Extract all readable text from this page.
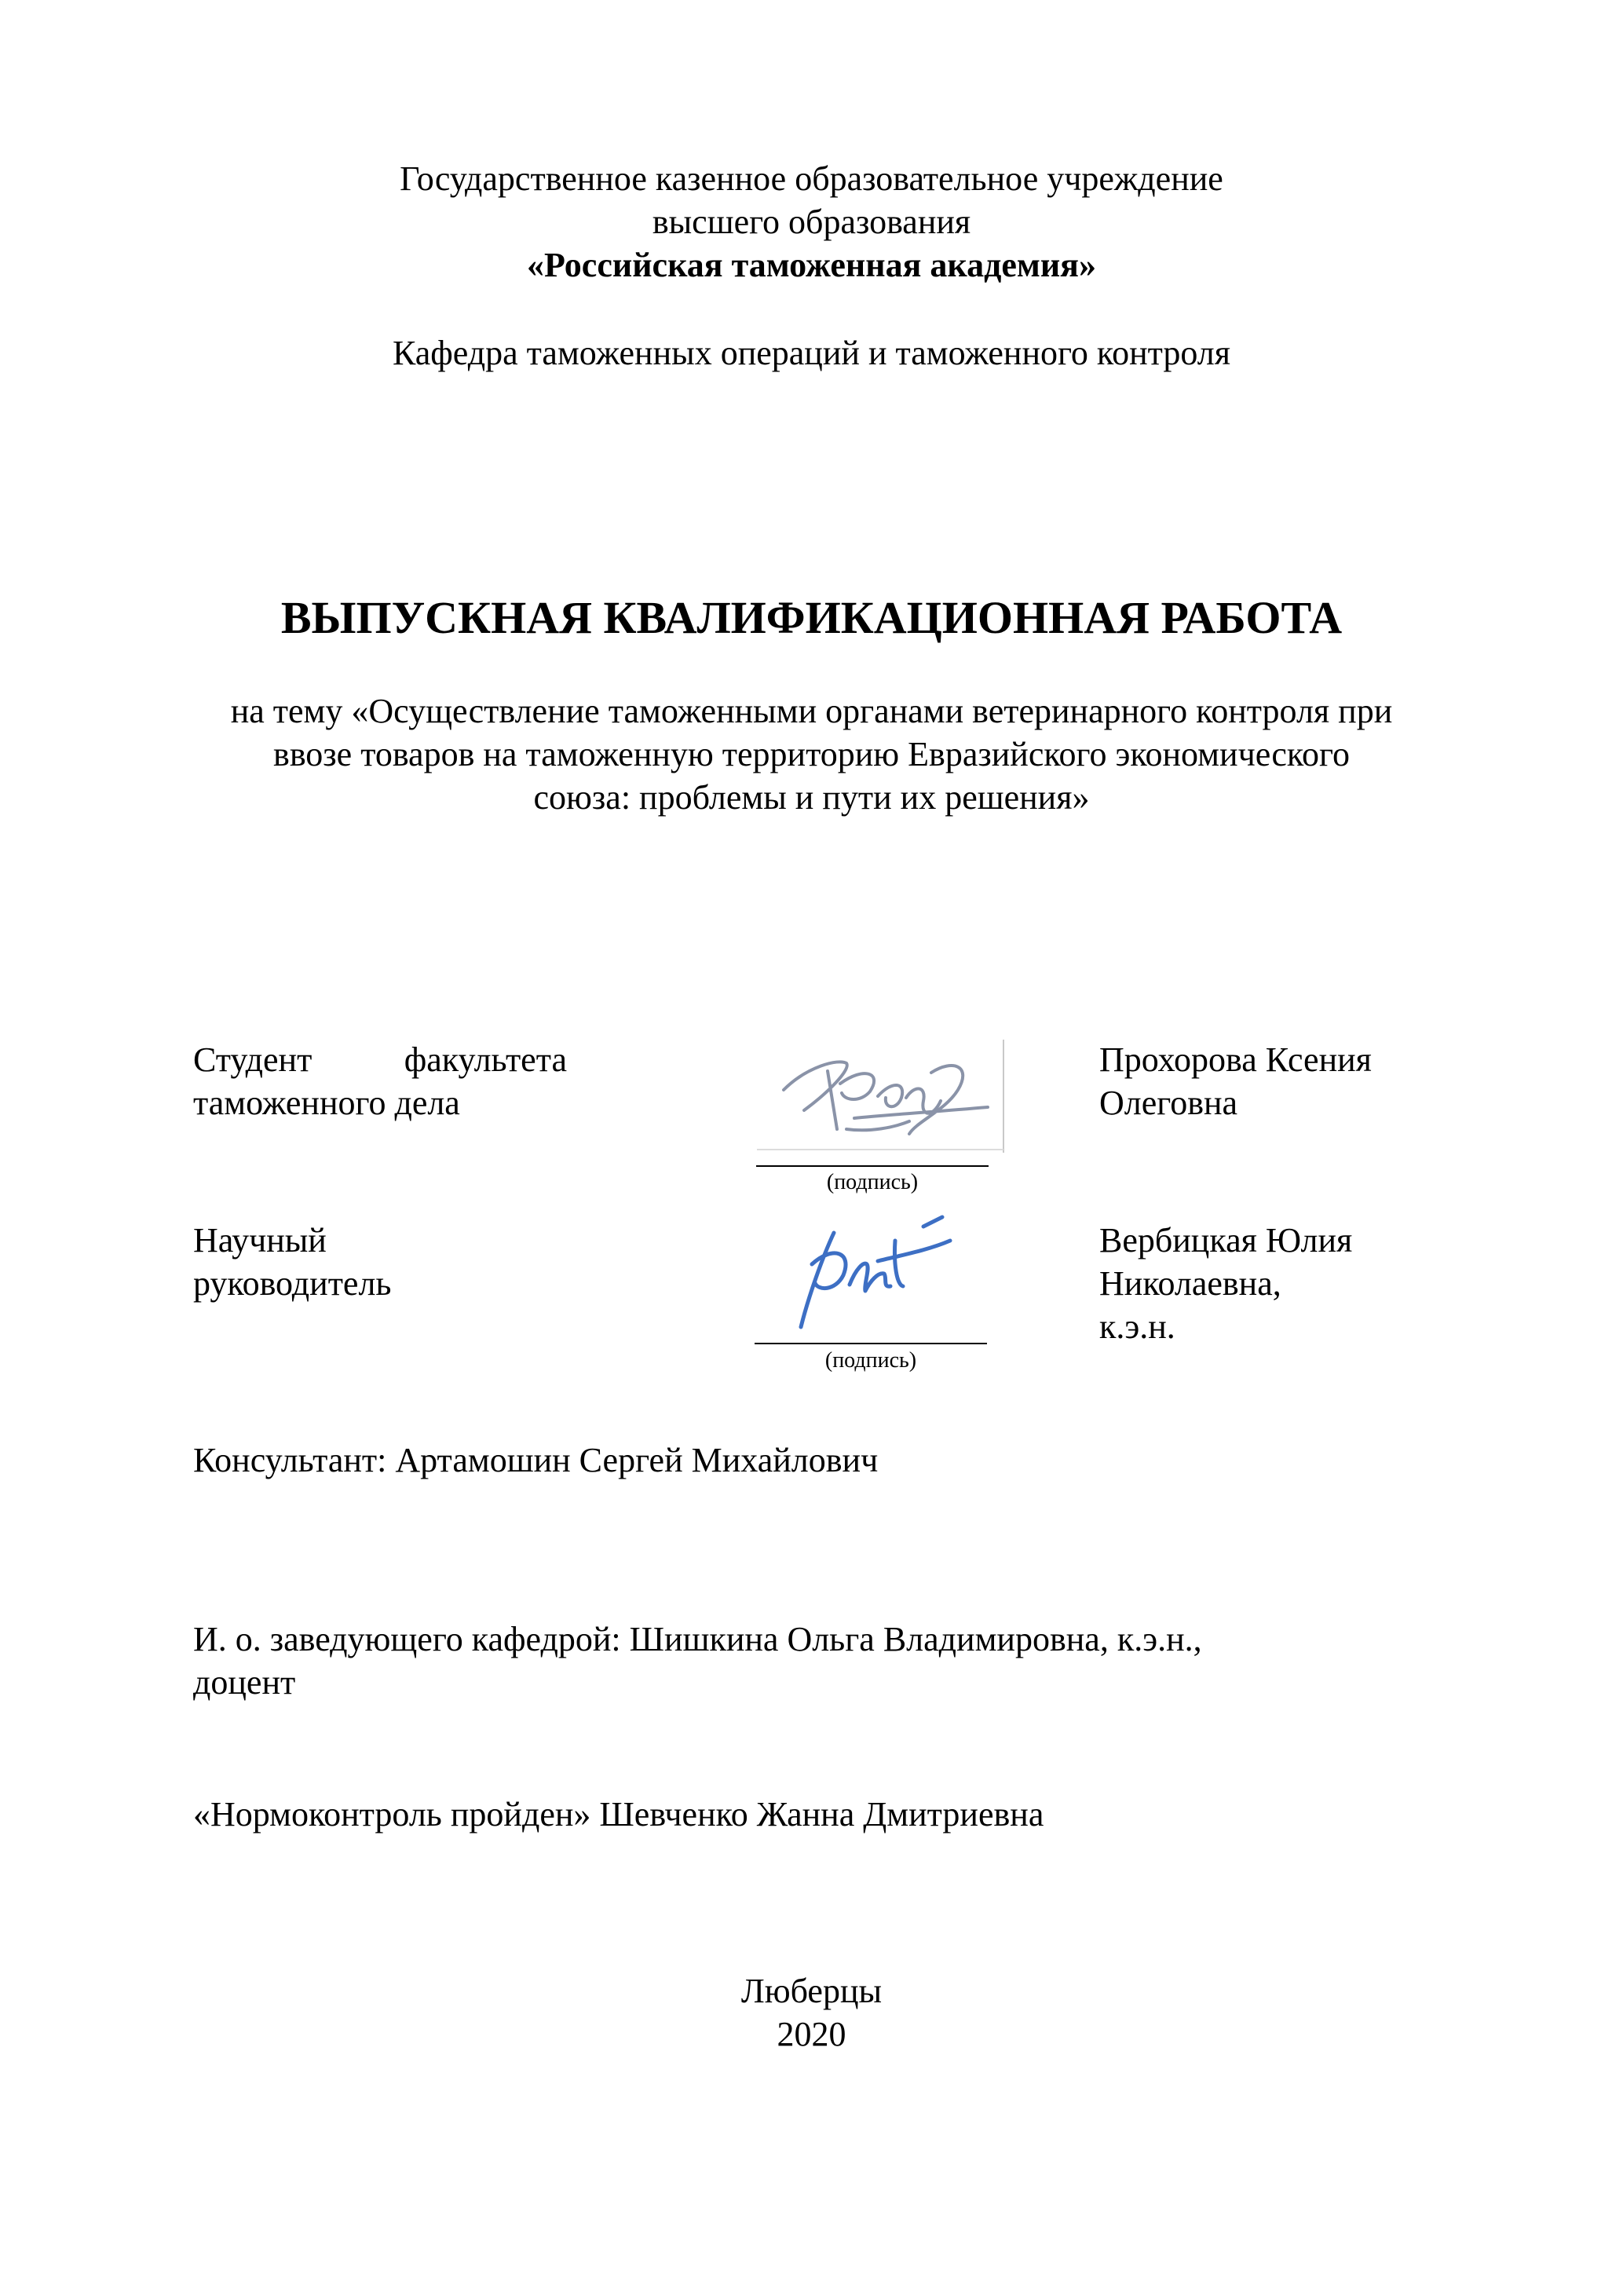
Государственное казенное образовательное учреждение
высшего образования
«Российская таможенная академия»
Кафедра таможенных операций и таможенного контроля
ВЫПУСКНАЯ КВАЛИФИКАЦИОННАЯ РАБОТА
на тему «Осуществление таможенными органами ветеринарного контроля при
ввозе товаров на таможенную территорию Евразийского экономического
союза: проблемы и пути их решения»
Студент	факультета
таможенного дела
(подпись)
Прохорова Ксения
Олеговна
Научный
руководитель
(подпись)
Вербицкая Юлия
Николаевна,
к.э.н.
Консультант: Артамошин Сергей Михайлович
И. о. заведующего кафедрой: Шишкина Ольга Владимировна, к.э.н.,
доцент
«Нормоконтроль пройден» Шевченко Жанна Дмитриевна
Люберцы
2020
